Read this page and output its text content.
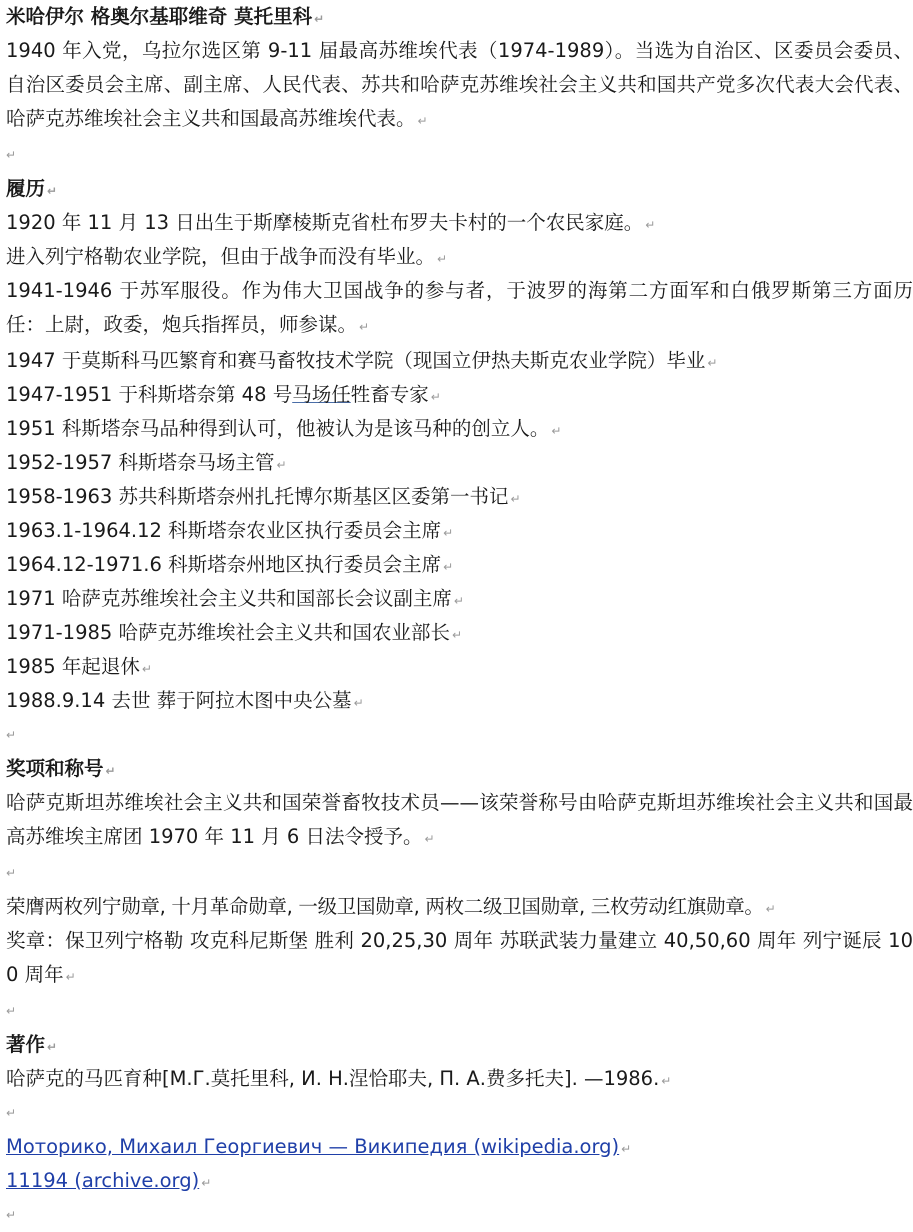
米哈伊尔 格奥尔基耶维奇 莫托里科 ↵
1940 年入党，乌拉尔选区第 9-11 届最高苏维埃代表（1974-1989）。当选为自治区、区委员会委员、自治区委员会主席、副主席、人民代表、苏共和哈萨克苏维埃社会主义共和国共产党多次代表大会代表、哈萨克苏维埃社会主义共和国最高苏维埃代表。 ↵
↵
履历 ↵
1920 年 11 月 13 日出生于斯摩棱斯克省杜布罗夫卡村的一个农民家庭。 ↵
进入列宁格勒农业学院，但由于战争而没有毕业。 ↵
1941-1946 于苏军服役。作为伟大卫国战争的参与者，于波罗的海第二方面军和白俄罗斯第三方面历任：上尉，政委，炮兵指挥员，师参谋。 ↵
1947 于莫斯科马匹繁育和赛马畜牧技术学院（现国立伊热夫斯克农业学院）毕业 ↵
1947-1951 于科斯塔奈第 48 号马场任牲畜专家 ↵
1951 科斯塔奈马品种得到认可，他被认为是该马种的创立人。 ↵
1952-1957 科斯塔奈马场主管 ↵
1958-1963 苏共科斯塔奈州扎托博尔斯基区区委第一书记 ↵
1963.1-1964.12 科斯塔奈农业区执行委员会主席 ↵
1964.12-1971.6 科斯塔奈州地区执行委员会主席 ↵
1971 哈萨克苏维埃社会主义共和国部长会议副主席 ↵
1971-1985 哈萨克苏维埃社会主义共和国农业部长 ↵
1985 年起退休 ↵
1988.9.14 去世 葬于阿拉木图中央公墓 ↵
↵
奖项和称号 ↵
哈萨克斯坦苏维埃社会主义共和国荣誉畜牧技术员——该荣誉称号由哈萨克斯坦苏维埃社会主义共和国最高苏维埃主席团 1970 年 11 月 6 日法令授予。 ↵
↵
荣膺两枚列宁勋章, 十月革命勋章, 一级卫国勋章, 两枚二级卫国勋章, 三枚劳动红旗勋章。 ↵
奖章：保卫列宁格勒 攻克科尼斯堡 胜利 20,25,30 周年 苏联武装力量建立 40,50,60 周年 列宁诞辰 100 周年 ↵
↵
著作 ↵
哈萨克的马匹育种[М.Г.莫托里科, И. Н.涅恰耶夫, П. А.费多托夫]. —1986. ↵
↵
Моторико, Михаил Георгиевич — Википедия (wikipedia.org) ↵
11194 (archive.org) ↵
↵
